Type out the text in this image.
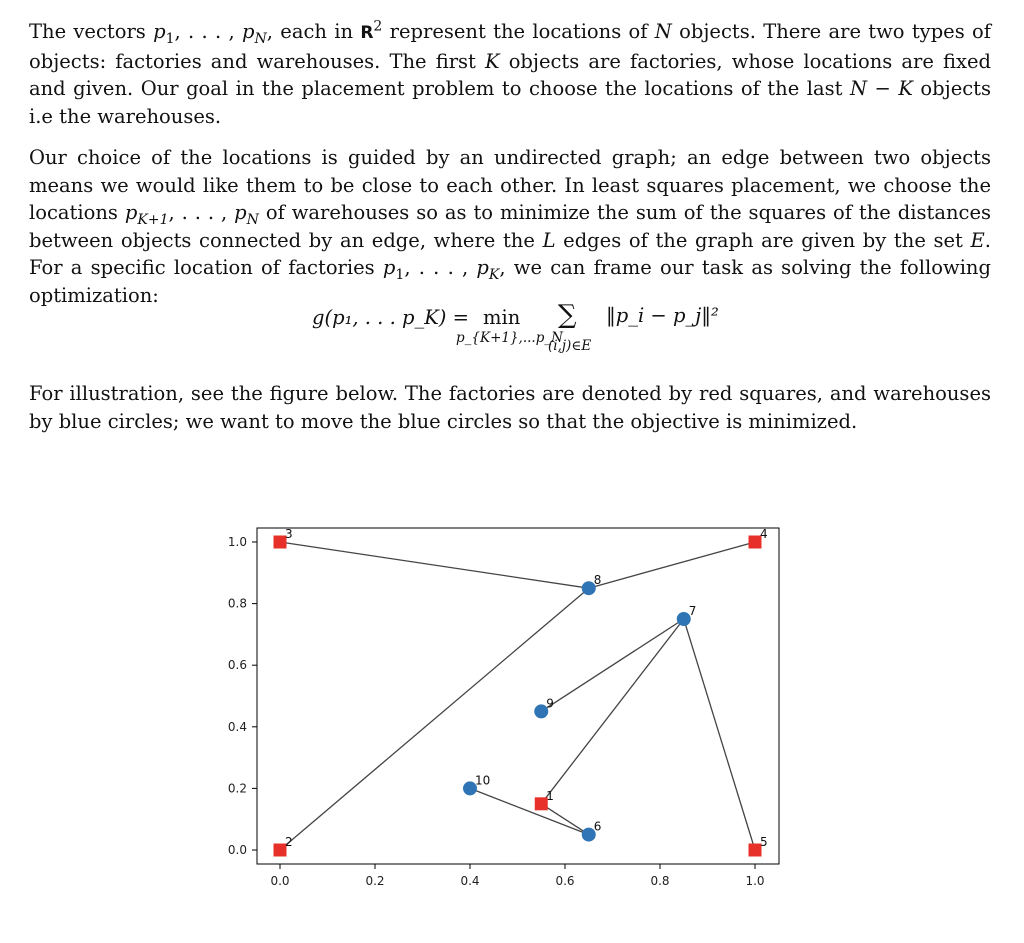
The vectors $p_1$, . . . , $p_N$, each in $R^2$ represent the locations of N objects. There are two types of objects: factories and warehouses. The first K objects are factories, whose locations are fixed and given. Our goal in the placement problem to choose the locations of the last N − K objects i.e the warehouses.

Our choice of the locations is guided by an undirected graph; an edge between two objects means we would like them to be close to each other. In least squares placement, we choose the locations $p_{K+1}$, . . . , $p_N$ of warehouses so as to minimize the sum of the squares of the distances between objects connected by an edge, where the L edges of the graph are given by the set E. For a specific location of factories $p_1$, . . . , $p_K$, we can frame our task as solving the following optimization:

g(p₁, . . . p_K) = min
p_{K+1},...p_N
∑
(i,j)∈E
‖p_i − p_j‖²

For illustration, see the figure below. The factories are denoted by red squares, and warehouses by blue circles; we want to move the blue circles so that the objective is minimized.

0.0	0.2	0.4	0.6	0.8	1.0
0.0
0.2
0.4
0.6
0.8
1.0
1
2
3	4
5
6
7
8
9
10
